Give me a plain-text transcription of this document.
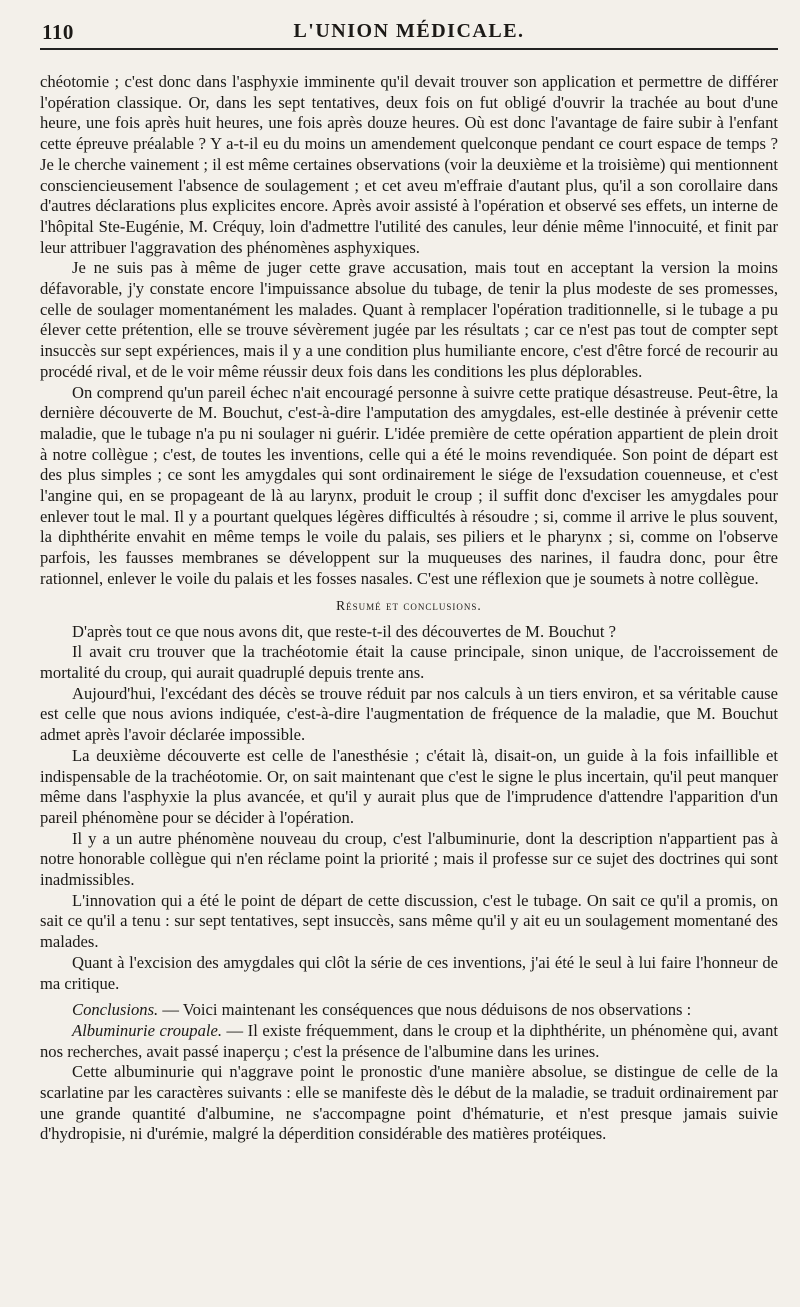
110	L'UNION MÉDICALE.

chéotomie ; c'est donc dans l'asphyxie imminente qu'il devait trouver son application et permettre de différer l'opération classique. Or, dans les sept tentatives, deux fois on fut obligé d'ouvrir la trachée au bout d'une heure, une fois après huit heures, une fois après douze heures. Où est donc l'avantage de faire subir à l'enfant cette épreuve préalable ? Y a-t-il eu du moins un amendement quelconque pendant ce court espace de temps ? Je le cherche vainement ; il est même certaines observations (voir la deuxième et la troisième) qui mentionnent consciencieusement l'absence de soulagement ; et cet aveu m'effraie d'autant plus, qu'il a son corollaire dans d'autres déclarations plus explicites encore. Après avoir assisté à l'opération et observé ses effets, un interne de l'hôpital Ste-Eugénie, M. Créquy, loin d'admettre l'utilité des canules, leur dénie même l'innocuité, et finit par leur attribuer l'aggravation des phénomènes asphyxiques.

Je ne suis pas à même de juger cette grave accusation, mais tout en acceptant la version la moins défavorable, j'y constate encore l'impuissance absolue du tubage, de tenir la plus modeste de ses promesses, celle de soulager momentanément les malades. Quant à remplacer l'opération traditionnelle, si le tubage a pu élever cette prétention, elle se trouve sévèrement jugée par les résultats ; car ce n'est pas tout de compter sept insuccès sur sept expériences, mais il y a une condition plus humiliante encore, c'est d'être forcé de recourir au procédé rival, et de le voir même réussir deux fois dans les conditions les plus déplorables.

On comprend qu'un pareil échec n'ait encouragé personne à suivre cette pratique désastreuse. Peut-être, la dernière découverte de M. Bouchut, c'est-à-dire l'amputation des amygdales, est-elle destinée à prévenir cette maladie, que le tubage n'a pu ni soulager ni guérir. L'idée première de cette opération appartient de plein droit à notre collègue ; c'est, de toutes les inventions, celle qui a été le moins revendiquée. Son point de départ est des plus simples ; ce sont les amygdales qui sont ordinairement le siége de l'exsudation couenneuse, et c'est l'angine qui, en se propageant de là au larynx, produit le croup ; il suffit donc d'exciser les amygdales pour enlever tout le mal. Il y a pourtant quelques légères difficultés à résoudre ; si, comme il arrive le plus souvent, la diphthérite envahit en même temps le voile du palais, ses piliers et le pharynx ; si, comme on l'observe parfois, les fausses membranes se développent sur la muqueuses des narines, il faudra donc, pour être rationnel, enlever le voile du palais et les fosses nasales. C'est une réflexion que je soumets à notre collègue.

Résumé et conclusions.

D'après tout ce que nous avons dit, que reste-t-il des découvertes de M. Bouchut ?

Il avait cru trouver que la trachéotomie était la cause principale, sinon unique, de l'accroissement de mortalité du croup, qui aurait quadruplé depuis trente ans.

Aujourd'hui, l'excédant des décès se trouve réduit par nos calculs à un tiers environ, et sa véritable cause est celle que nous avions indiquée, c'est-à-dire l'augmentation de fréquence de la maladie, que M. Bouchut admet après l'avoir déclarée impossible.

La deuxième découverte est celle de l'anesthésie ; c'était là, disait-on, un guide à la fois infaillible et indispensable de la trachéotomie. Or, on sait maintenant que c'est le signe le plus incertain, qu'il peut manquer même dans l'asphyxie la plus avancée, et qu'il y aurait plus que de l'imprudence d'attendre l'apparition d'un pareil phénomène pour se décider à l'opération.

Il y a un autre phénomène nouveau du croup, c'est l'albuminurie, dont la description n'appartient pas à notre honorable collègue qui n'en réclame point la priorité ; mais il professe sur ce sujet des doctrines qui sont inadmissibles.

L'innovation qui a été le point de départ de cette discussion, c'est le tubage. On sait ce qu'il a promis, on sait ce qu'il a tenu : sur sept tentatives, sept insuccès, sans même qu'il y ait eu un soulagement momentané des malades.

Quant à l'excision des amygdales qui clôt la série de ces inventions, j'ai été le seul à lui faire l'honneur de ma critique.

Conclusions. — Voici maintenant les conséquences que nous déduisons de nos observations :

Albuminurie croupale. — Il existe fréquemment, dans le croup et la diphthérite, un phénomène qui, avant nos recherches, avait passé inaperçu ; c'est la présence de l'albumine dans les urines.

Cette albuminurie qui n'aggrave point le pronostic d'une manière absolue, se distingue de celle de la scarlatine par les caractères suivants : elle se manifeste dès le début de la maladie, se traduit ordinairement par une grande quantité d'albumine, ne s'accompagne point d'hématurie, et n'est presque jamais suivie d'hydropisie, ni d'urémie, malgré la déperdition considérable des matières protéiques.
